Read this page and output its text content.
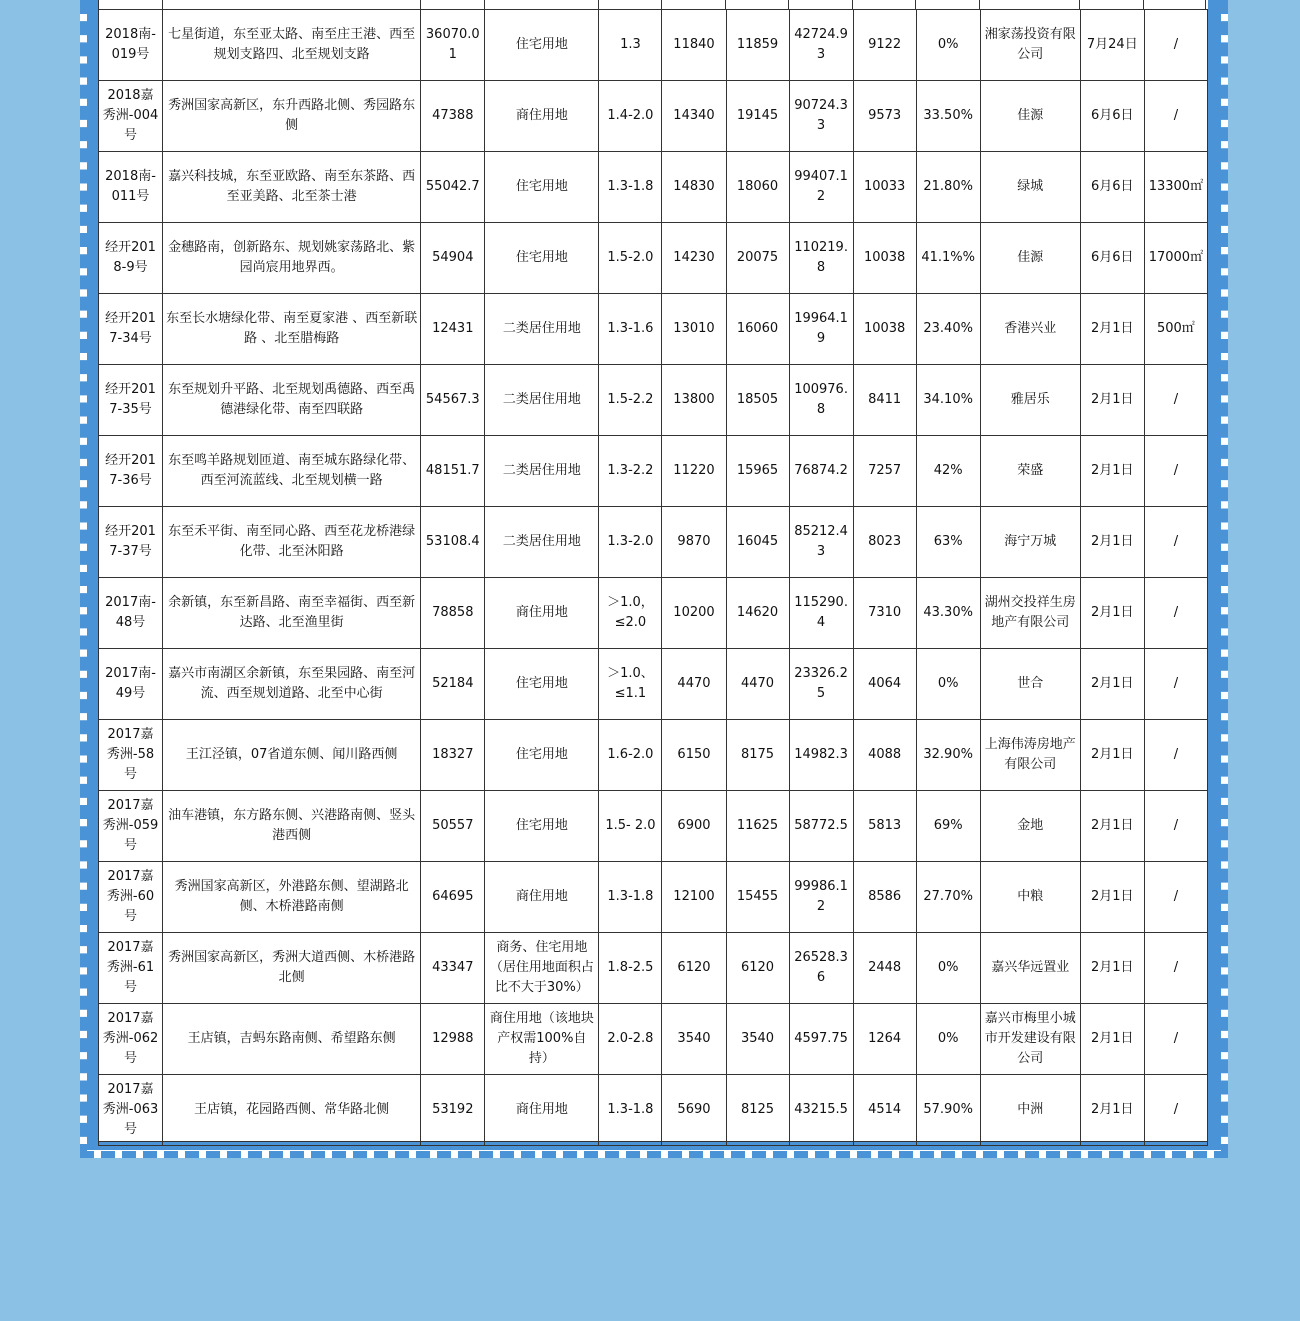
2018南-019号	七星街道，东至亚太路、南至庄王港、西至规划支路四、北至规划支路	36070.01	住宅用地	1.3	11840	11859	42724.93	9122	0%	湘家荡投资有限公司	7月24日	/
2018嘉秀洲-004号	秀洲国家高新区，东升西路北侧、秀园路东侧	47388	商住用地	1.4-2.0	14340	19145	90724.33	9573	33.50%	佳源	6月6日	/
2018南-011号	嘉兴科技城，东至亚欧路、南至东茶路、西至亚美路、北至茶士港	55042.7	住宅用地	1.3-1.8	14830	18060	99407.12	10033	21.80%	绿城	6月6日	13300㎡
经开2018-9号	金穗路南，创新路东、规划姚家荡路北、紫园尚宸用地界西。	54904	住宅用地	1.5-2.0	14230	20075	110219.8	10038	41.1%%	佳源	6月6日	17000㎡
经开2017-34号	东至长水塘绿化带、南至夏家港 、西至新联路 、北至腊梅路	12431	二类居住用地	1.3-1.6	13010	16060	19964.19	10038	23.40%	香港兴业	2月1日	500㎡
经开2017-35号	东至规划升平路、北至规划禹德路、西至禹德港绿化带、南至四联路	54567.3	二类居住用地	1.5-2.2	13800	18505	100976.8	8411	34.10%	雅居乐	2月1日	/
经开2017-36号	东至鸣羊路规划匝道、南至城东路绿化带、西至河流蓝线、北至规划横一路	48151.7	二类居住用地	1.3-2.2	11220	15965	76874.2	7257	42%	荣盛	2月1日	/
经开2017-37号	东至禾平街、南至同心路、西至花龙桥港绿化带、北至沐阳路	53108.4	二类居住用地	1.3-2.0	9870	16045	85212.43	8023	63%	海宁万城	2月1日	/
2017南-48号	余新镇，东至新昌路、南至幸福街、西至新达路、北至渔里街	78858	商住用地	＞1.0，≤2.0	10200	14620	115290.4	7310	43.30%	湖州交投祥生房地产有限公司	2月1日	/
2017南-49号	嘉兴市南湖区余新镇，东至果园路、南至河流、西至规划道路、北至中心街	52184	住宅用地	＞1.0、≤1.1	4470	4470	23326.25	4064	0%	世合	2月1日	/
2017嘉秀洲-58号	王江泾镇，07省道东侧、闻川路西侧	18327	住宅用地	1.6-2.0	6150	8175	14982.3	4088	32.90%	上海伟涛房地产有限公司	2月1日	/
2017嘉秀洲-059号	油车港镇，东方路东侧、兴港路南侧、竖头港西侧	50557	住宅用地	1.5- 2.0	6900	11625	58772.5	5813	69%	金地	2月1日	/
2017嘉秀洲-60号	秀洲国家高新区，外港路东侧、望湖路北侧、木桥港路南侧	64695	商住用地	1.3-1.8	12100	15455	99986.12	8586	27.70%	中粮	2月1日	/
2017嘉秀洲-61号	秀洲国家高新区，秀洲大道西侧、木桥港路北侧	43347	商务、住宅用地（居住用地面积占比不大于30%）	1.8-2.5	6120	6120	26528.36	2448	0%	嘉兴华远置业	2月1日	/
2017嘉秀洲-062号	王店镇，吉蚂东路南侧、希望路东侧	12988	商住用地（该地块产权需100%自持）	2.0-2.8	3540	3540	4597.75	1264	0%	嘉兴市梅里小城市开发建设有限公司	2月1日	/
2017嘉秀洲-063号	王店镇，花园路西侧、常华路北侧	53192	商住用地	1.3-1.8	5690	8125	43215.5	4514	57.90%	中洲	2月1日	/
